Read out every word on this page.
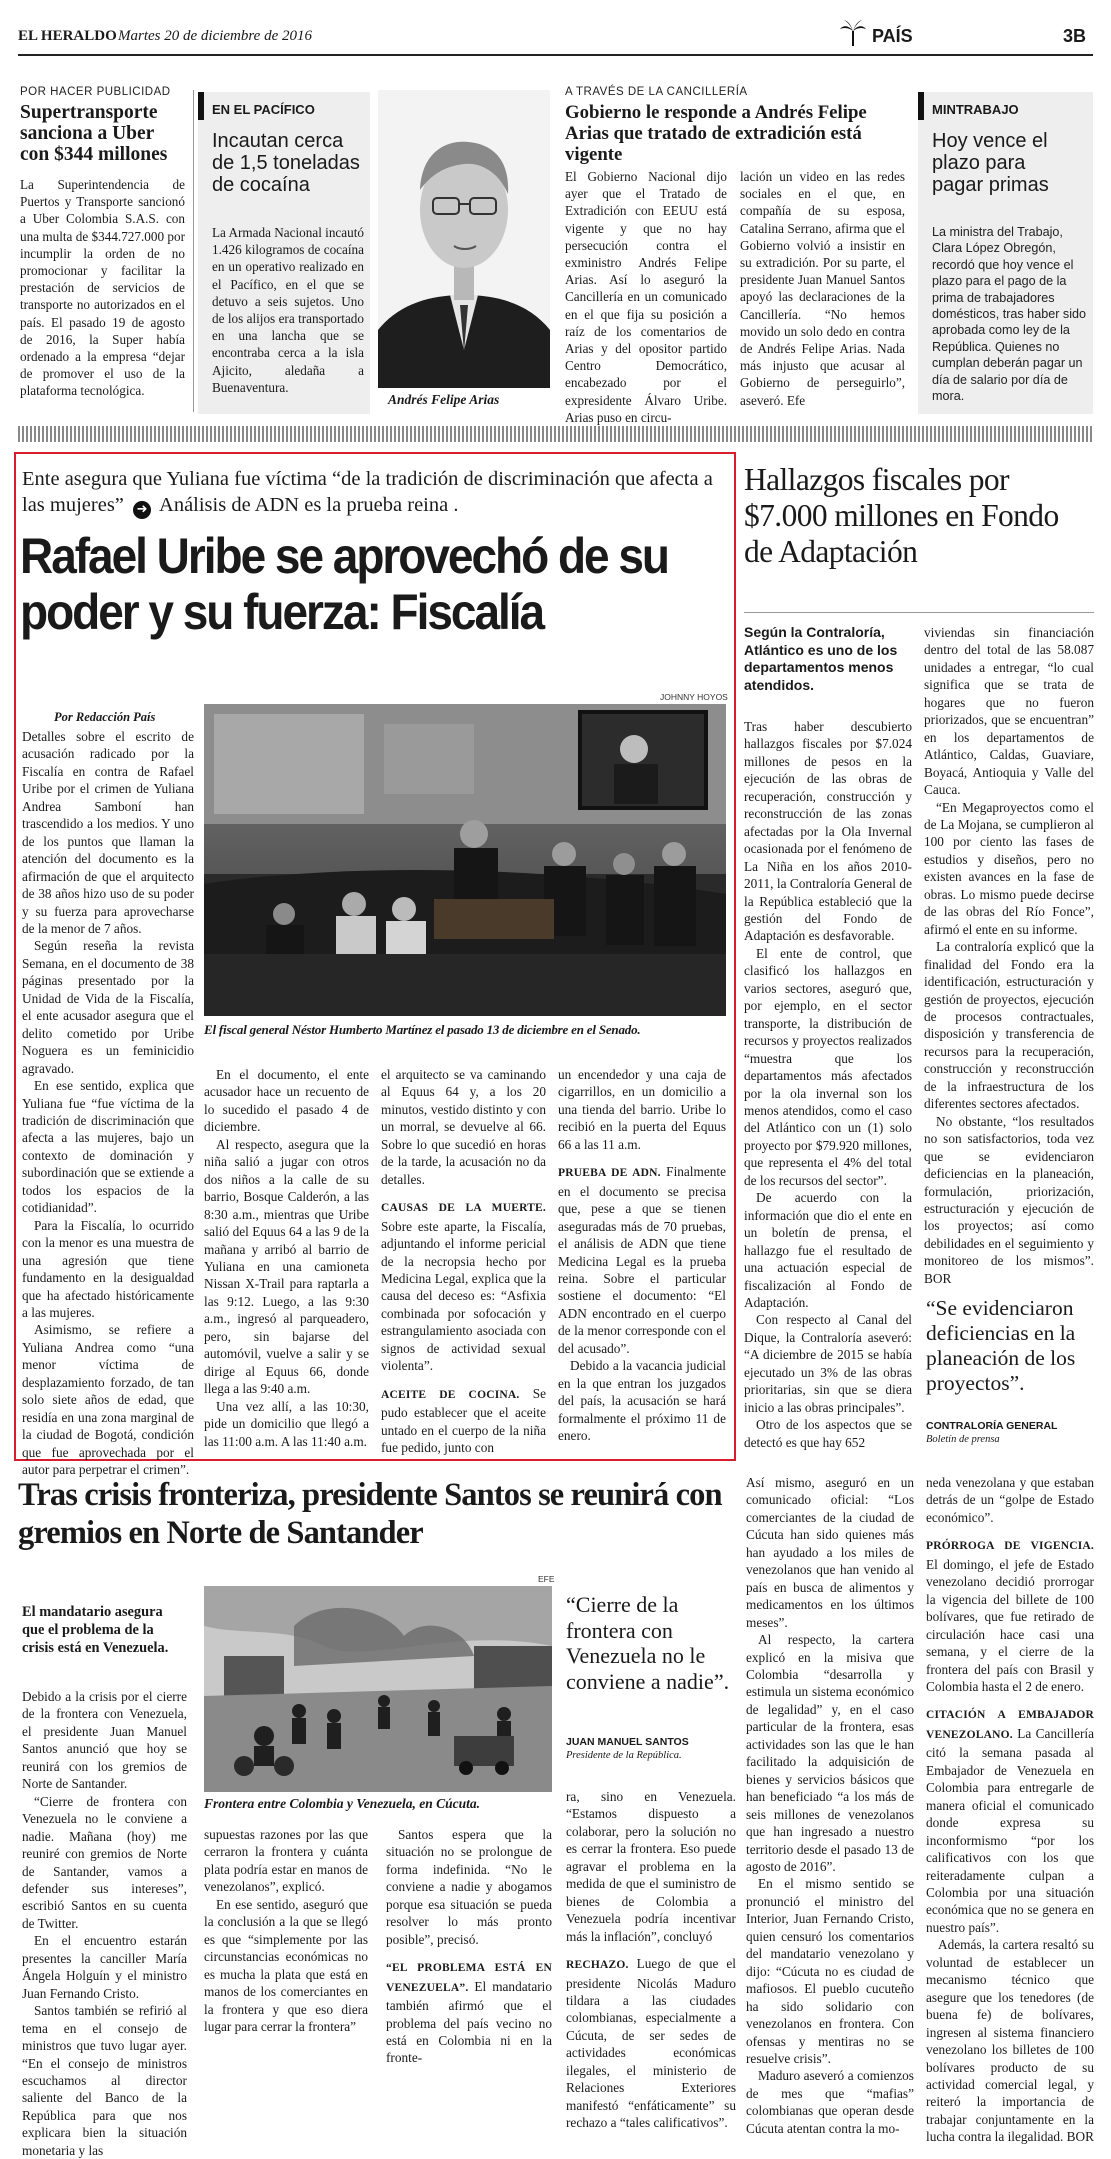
EL HERALDO Martes 20 de diciembre de 2016	PAÍS	3B
POR HACER PUBLICIDAD
Supertransporte sanciona a Uber con $344 millones
La Superintendencia de Puertos y Transporte sancionó a Uber Colombia S.A.S. con una multa de $344.727.000 por incumplir la orden de no promocionar y facilitar la prestación de servicios de transporte no autorizados en el país. El pasado 19 de agosto de 2016, la Super había ordenado a la empresa “dejar de promover el uso de la plataforma tecnológica.
EN EL PACÍFICO
Incautan cerca de 1,5 toneladas de cocaína
La Armada Nacional incautó 1.426 kilogramos de cocaína en un operativo realizado en el Pacífico, en el que se detuvo a seis sujetos. Uno de los alijos era transportado en una lancha que se encontraba cerca a la isla Ajicito, aledaña a Buenaventura.
Andrés Felipe Arias
A TRAVÉS DE LA CANCILLERÍA
Gobierno le responde a Andrés Felipe Arias que tratado de extradición está vigente
El Gobierno Nacional dijo ayer que el Tratado de Extradición con EEUU está vigente y que no hay persecución contra el exministro Andrés Felipe Arias. Así lo aseguró la Cancillería en un comunicado en el que fija su posición a raíz de los comentarios de Arias y del opositor partido Centro Democrático, encabezado por el expresidente Álvaro Uribe. Arias puso en circu-
lación un video en las redes sociales en el que, en compañía de su esposa, Catalina Serrano, afirma que el Gobierno volvió a insistir en su extradición. Por su parte, el presidente Juan Manuel Santos apoyó las declaraciones de la Cancillería. “No hemos movido un solo dedo en contra de Andrés Felipe Arias. Nada más injusto que acusar al Gobierno de perseguirlo”, aseveró. Efe
MINTRABAJO
Hoy vence el plazo para pagar primas
La ministra del Trabajo, Clara López Obregón, recordó que hoy vence el plazo para el pago de la prima de trabajadores domésticos, tras haber sido aprobada como ley de la República. Quienes no cumplan deberán pagar un día de salario por día de mora.
Ente asegura que Yuliana fue víctima “de la tradición de discriminación que afecta a las mujeres” ➜ Análisis de ADN es la prueba reina .
Rafael Uribe se aprovechó de su poder y su fuerza: Fiscalía
Por Redacción País
JOHNNY HOYOS
El fiscal general Néstor Humberto Martínez el pasado 13 de diciembre en el Senado.

Detalles sobre el escrito de acusación radicado por la Fiscalía en contra de Rafael Uribe por el crimen de Yuliana Andrea Samboní han trascendido a los medios. Y uno de los puntos que llaman la atención del documento es la afirmación de que el arquitecto de 38 años hizo uso de su poder y su fuerza para aprovecharse de la menor de 7 años.

Según reseña la revista Semana, en el documento de 38 páginas presentado por la Unidad de Vida de la Fiscalía, el ente acusador asegura que el delito cometido por Uribe Noguera es un feminicidio agravado.

En ese sentido, explica que Yuliana fue “fue víctima de la tradición de discriminación que afecta a las mujeres, bajo un contexto de dominación y subordinación que se extiende a todos los espacios de la cotidianidad”.

Para la Fiscalía, lo ocurrido con la menor es una muestra de una agresión que tiene fundamento en la desigualdad que ha afectado históricamente a las mujeres.

Asimismo, se refiere a Yuliana Andrea como “una menor víctima de desplazamiento forzado, de tan solo siete años de edad, que residía en una zona marginal de la ciudad de Bogotá, condición que fue aprovechada por el autor para perpetrar el crimen”.

En el documento, el ente acusador hace un recuento de lo sucedido el pasado 4 de diciembre.

Al respecto, asegura que la niña salió a jugar con otros dos niños a la calle de su barrio, Bosque Calderón, a las 8:30 a.m., mientras que Uribe salió del Equus 64 a las 9 de la mañana y arribó al barrio de Yuliana en una camioneta Nissan X-Trail para raptarla a las 9:12. Luego, a las 9:30 a.m., ingresó al parqueadero, pero, sin bajarse del automóvil, vuelve a salir y se dirige al Equus 66, donde llega a las 9:40 a.m.

Una vez allí, a las 10:30, pide un domicilio que llegó a las 11:00 a.m. A las 11:40 a.m.

el arquitecto se va caminando al Equus 64 y, a los 20 minutos, vestido distinto y con un morral, se devuelve al 66. Sobre lo que sucedió en horas de la tarde, la acusación no da detalles.

CAUSAS DE LA MUERTE. Sobre este aparte, la Fiscalía, adjuntando el informe pericial de la necropsia hecho por Medicina Legal, explica que la causa del deceso es: “Asfixia combinada por sofocación y estrangulamiento asociada con signos de actividad sexual violenta”.

ACEITE DE COCINA. Se pudo establecer que el aceite untado en el cuerpo de la niña fue pedido, junto con

un encendedor y una caja de cigarrillos, en un domicilio a una tienda del barrio. Uribe lo recibió en la puerta del Equus 66 a las 11 a.m.

PRUEBA DE ADN. Finalmente en el documento se precisa que, pese a que se tienen aseguradas más de 70 pruebas, el análisis de ADN que tiene Medicina Legal es la prueba reina. Sobre el particular sostiene el documento: “El ADN encontrado en el cuerpo de la menor corresponde con el del acusado”.

Debido a la vacancia judicial en la que entran los juzgados del país, la acusación se hará formalmente el próximo 11 de enero.

Hallazgos fiscales por $7.000 millones en Fondo de Adaptación
Según la Contraloría, Atlántico es uno de los departamentos menos atendidos.

Tras haber descubierto hallazgos fiscales por $7.024 millones de pesos en la ejecución de las obras de recuperación, construcción y reconstrucción de las zonas afectadas por la Ola Invernal ocasionada por el fenómeno de La Niña en los años 2010-2011, la Contraloría General de la República estableció que la gestión del Fondo de Adaptación es desfavorable.

El ente de control, que clasificó los hallazgos en varios sectores, aseguró que, por ejemplo, en el sector transporte, la distribución de recursos y proyectos realizados “muestra que los departamentos más afectados por la ola invernal son los menos atendidos, como el caso del Atlántico con un (1) solo proyecto por $79.920 millones, que representa el 4% del total de los recursos del sector”.

De acuerdo con la información que dio el ente en un boletín de prensa, el hallazgo fue el resultado de una actuación especial de fiscalización al Fondo de Adaptación.

Con respecto al Canal del Dique, la Contraloría aseveró: “A diciembre de 2015 se había ejecutado un 3% de las obras prioritarias, sin que se diera inicio a las obras principales”.

Otro de los aspectos que se detectó es que hay 652

viviendas sin financiación dentro del total de las 58.087 unidades a entregar, “lo cual significa que se trata de hogares que no fueron priorizados, que se encuentran” en los departamentos de Atlántico, Caldas, Guaviare, Boyacá, Antioquia y Valle del Cauca.

“En Megaproyectos como el de La Mojana, se cumplieron al 100 por ciento las fases de estudios y diseños, pero no existen avances en la fase de obras. Lo mismo puede decirse de las obras del Río Fonce”, afirmó el ente en su informe.

La contraloría explicó que la finalidad del Fondo era la identificación, estructuración y gestión de proyectos, ejecución de procesos contractuales, disposición y transferencia de recursos para la recuperación, construcción y reconstrucción de la infraestructura de los diferentes sectores afectados.

No obstante, “los resultados no son satisfactorios, toda vez que se evidenciaron deficiencias en la planeación, formulación, priorización, estructuración y ejecución de los proyectos; así como debilidades en el seguimiento y monitoreo de los mismos”. BOR

“Se evidenciaron deficiencias en la planeación de los proyectos”.
CONTRALORÍA GENERAL
Boletín de prensa
Tras crisis fronteriza, presidente Santos se reunirá con gremios en Norte de Santander
El mandatario asegura que el problema de la crisis está en Venezuela.
EFE
Frontera entre Colombia y Venezuela, en Cúcuta.
“Cierre de la frontera con Venezuela no le conviene a nadie”.
JUAN MANUEL SANTOS
Presidente de la República.

Debido a la crisis por el cierre de la frontera con Venezuela, el presidente Juan Manuel Santos anunció que hoy se reunirá con los gremios de Norte de Santander.

“Cierre de frontera con Venezuela no le conviene a nadie. Mañana (hoy) me reuniré con gremios de Norte de Santander, vamos a defender sus intereses”, escribió Santos en su cuenta de Twitter.

En el encuentro estarán presentes la canciller María Ángela Holguín y el ministro Juan Fernando Cristo.

Santos también se refirió al tema en el consejo de ministros que tuvo lugar ayer. “En el consejo de ministros escuchamos al director saliente del Banco de la República para que nos explicara bien la situación monetaria y las

supuestas razones por las que cerraron la frontera y cuánta plata podría estar en manos de venezolanos”, explicó.

En ese sentido, aseguró que la conclusión a la que se llegó es que “simplemente por las circunstancias económicas no es mucha la plata que está en manos de los comerciantes en la frontera y que eso diera lugar para cerrar la frontera”

Santos espera que la situación no se prolongue de forma indefinida. “No le conviene a nadie y abogamos porque esa situación se pueda resolver lo más pronto posible”, precisó.

“EL PROBLEMA ESTÁ EN VENEZUELA”. El mandatario también afirmó que el problema del país vecino no está en Colombia ni en la fronte-

ra, sino en Venezuela. “Estamos dispuesto a colaborar, pero la solución no es cerrar la frontera. Eso puede agravar el problema en la medida de que el suministro de bienes de Colombia a Venezuela podría incentivar más la inflación”, concluyó

RECHAZO. Luego de que el presidente Nicolás Maduro tildara a las ciudades colombianas, especialmente a Cúcuta, de ser sedes de actividades económicas ilegales, el ministerio de Relaciones Exteriores manifestó “enfáticamente” su rechazo a “tales calificativos”.

Así mismo, aseguró en un comunicado oficial: “Los comerciantes de la ciudad de Cúcuta han sido quienes más han ayudado a los miles de venezolanos que han venido al país en busca de alimentos y medicamentos en los últimos meses”.

Al respecto, la cartera explicó en la misiva que Colombia “desarrolla y estimula un sistema económico de legalidad” y, en el caso particular de la frontera, esas actividades son las que le han facilitado la adquisición de bienes y servicios básicos que han beneficiado “a los más de seis millones de venezolanos que han ingresado a nuestro territorio desde el pasado 13 de agosto de 2016”.

En el mismo sentido se pronunció el ministro del Interior, Juan Fernando Cristo, quien censuró los comentarios del mandatario venezolano y dijo: “Cúcuta no es ciudad de mafiosos. El pueblo cucuteño ha sido solidario con venezolanos en frontera. Con ofensas y mentiras no se resuelve crisis”.

Maduro aseveró a comienzos de mes que “mafias” colombianas que operan desde Cúcuta atentan contra la mo-

neda venezolana y que estaban detrás de un “golpe de Estado económico”.

PRÓRROGA DE VIGENCIA. El domingo, el jefe de Estado venezolano decidió prorrogar la vigencia del billete de 100 bolívares, que fue retirado de circulación hace casi una semana, y el cierre de la frontera del país con Brasil y Colombia hasta el 2 de enero.

CITACIÓN A EMBAJADOR VENEZOLANO. La Cancillería citó la semana pasada al Embajador de Venezuela en Colombia para entregarle de manera oficial el comunicado donde expresa su inconformismo “por los calificativos con los que reiteradamente culpan a Colombia por una situación económica que no se genera en nuestro país”.

Además, la cartera resaltó su voluntad de establecer un mecanismo técnico que asegure que los tenedores (de buena fe) de bolívares, ingresen al sistema financiero venezolano los billetes de 100 bolívares producto de su actividad comercial legal, y reiteró la importancia de trabajar conjuntamente en la lucha contra la ilegalidad. BOR
